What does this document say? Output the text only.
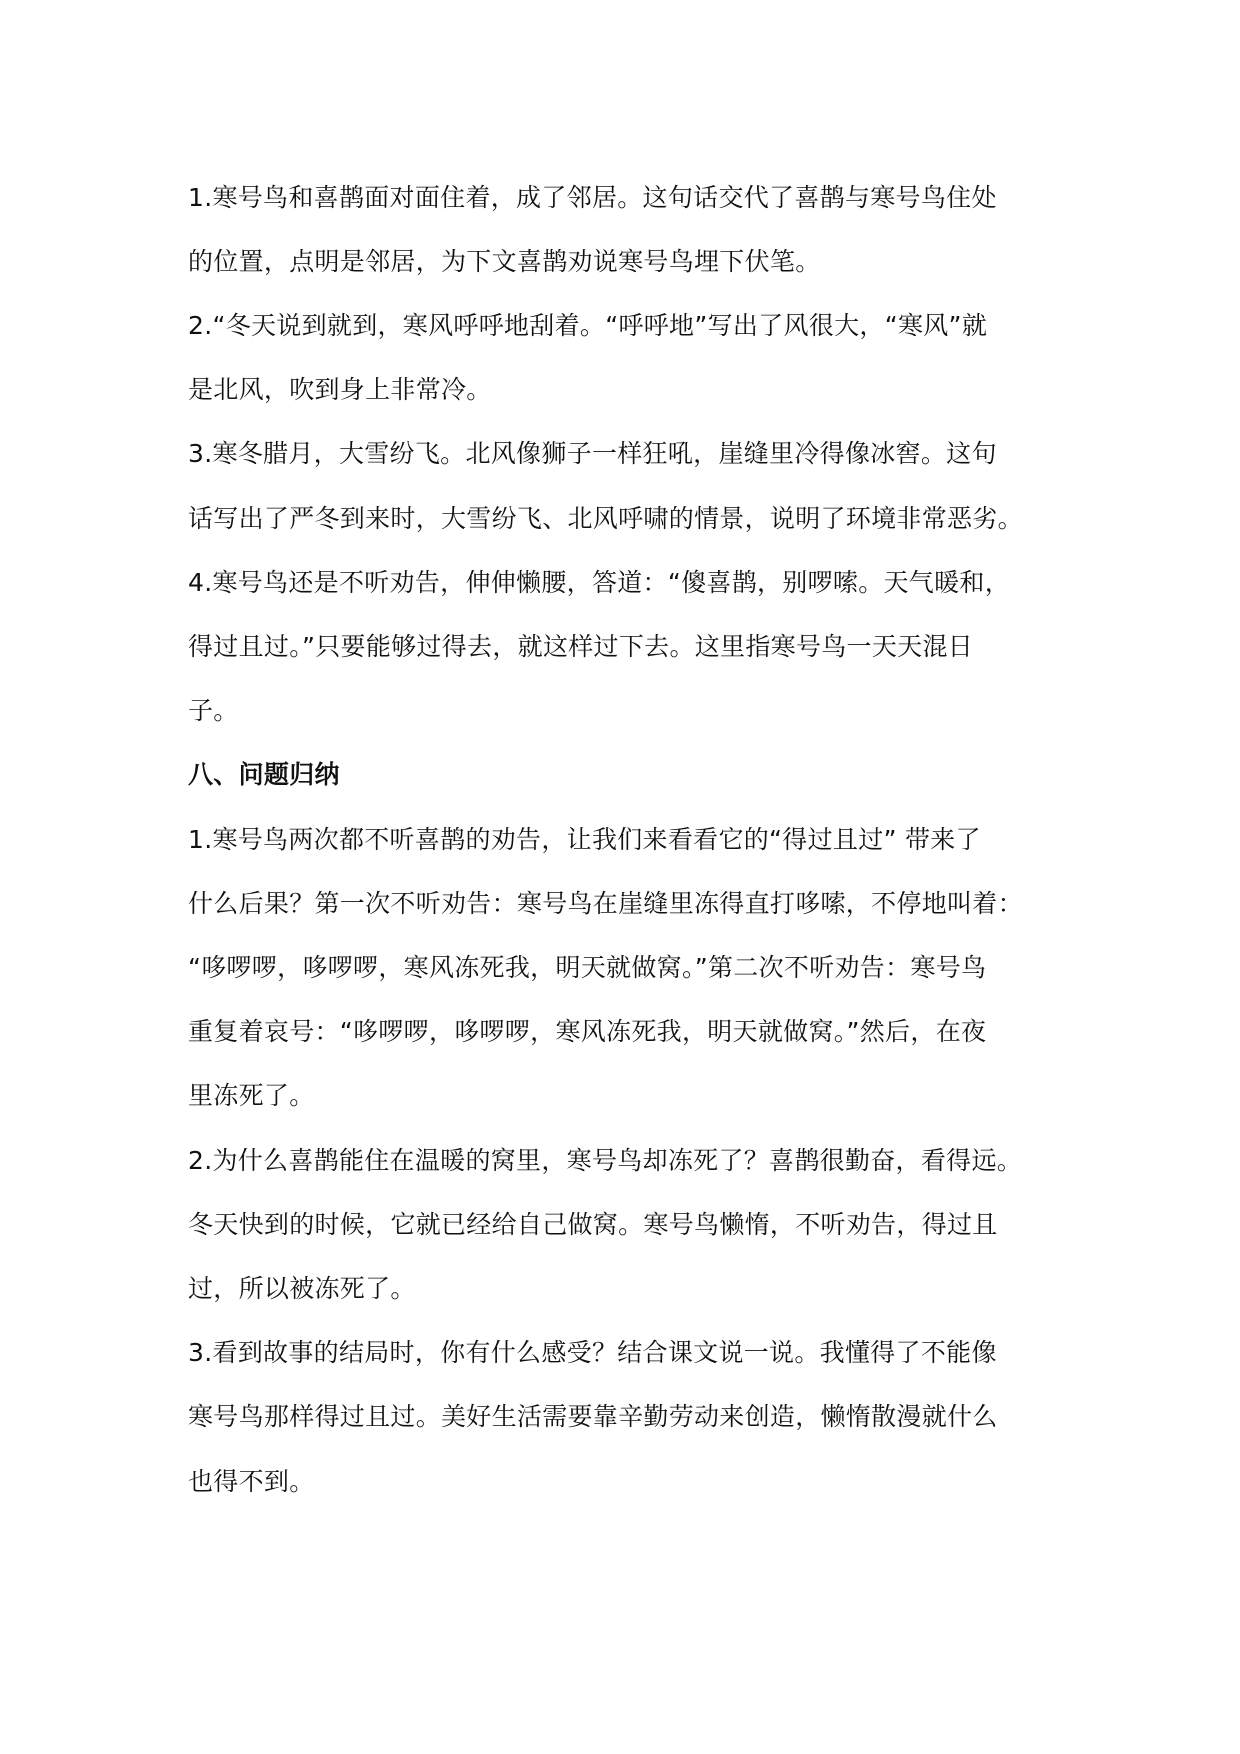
1.寒号鸟和喜鹊面对面住着，成了邻居。这句话交代了喜鹊与寒号鸟住处
的位置，点明是邻居，为下文喜鹊劝说寒号鸟埋下伏笔。
2.“冬天说到就到，寒风呼呼地刮着。“呼呼地”写出了风很大，“寒风”就
是北风，吹到身上非常冷。
3.寒冬腊月，大雪纷飞。北风像狮子一样狂吼，崖缝里冷得像冰窖。这句
话写出了严冬到来时，大雪纷飞、北风呼啸的情景，说明了环境非常恶劣。
4.寒号鸟还是不听劝告，伸伸懒腰，答道：“傻喜鹊，别啰嗦。天气暖和，
得过且过。”只要能够过得去，就这样过下去。这里指寒号鸟一天天混日
子。
八、问题归纳
1.寒号鸟两次都不听喜鹊的劝告，让我们来看看它的“得过且过” 带来了
什么后果？第一次不听劝告：寒号鸟在崖缝里冻得直打哆嗦，不停地叫着：
“哆啰啰，哆啰啰，寒风冻死我，明天就做窝。”第二次不听劝告：寒号鸟
重复着哀号：“哆啰啰，哆啰啰，寒风冻死我，明天就做窝。”然后，在夜
里冻死了。
2.为什么喜鹊能住在温暖的窝里，寒号鸟却冻死了？喜鹊很勤奋，看得远。
冬天快到的时候，它就已经给自己做窝。寒号鸟懒惰，不听劝告，得过且
过，所以被冻死了。
3.看到故事的结局时，你有什么感受？结合课文说一说。我懂得了不能像
寒号鸟那样得过且过。美好生活需要靠辛勤劳动来创造，懒惰散漫就什么
也得不到。
